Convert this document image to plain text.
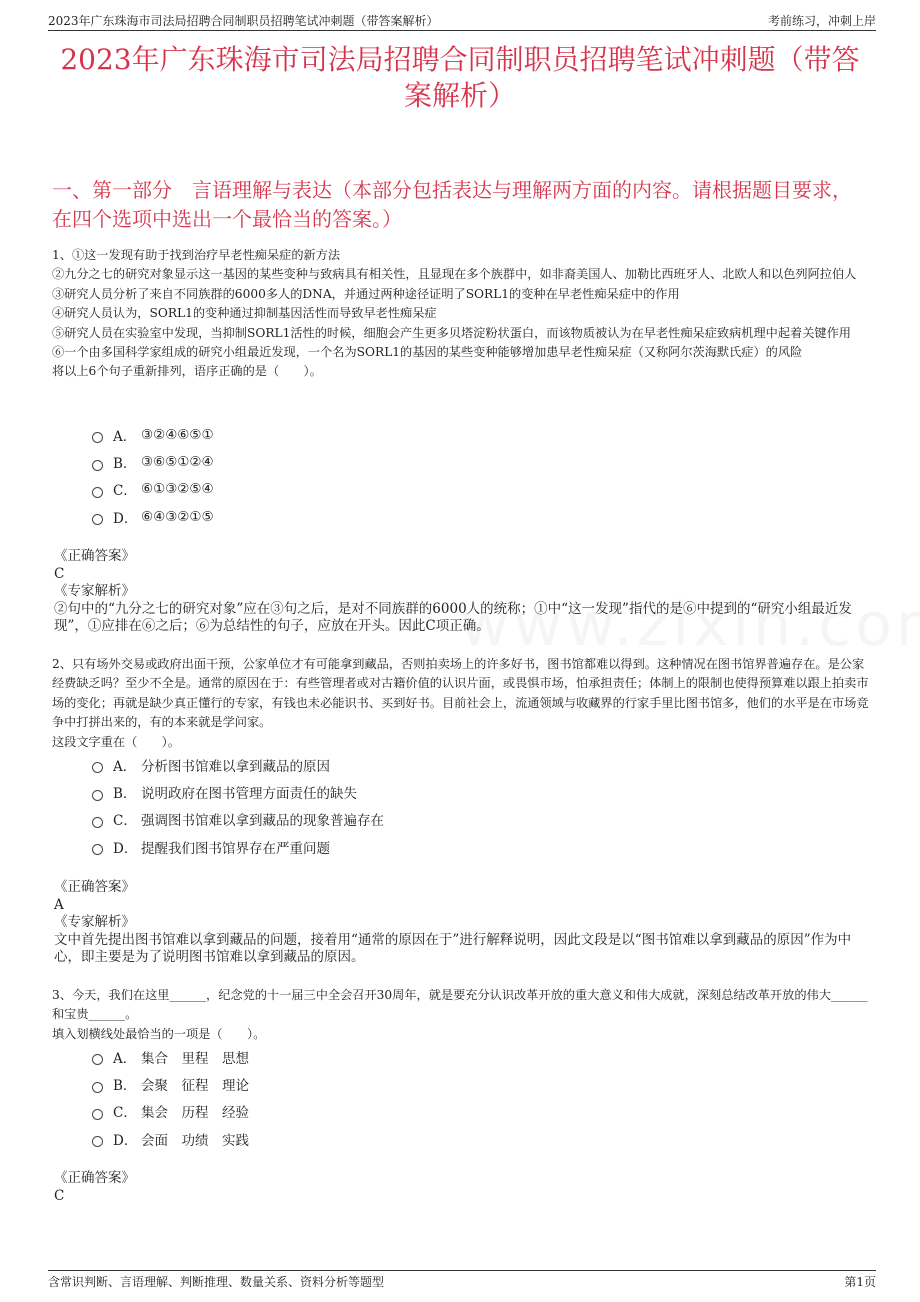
2023年广东珠海市司法局招聘合同制职员招聘笔试冲刺题（带答案解析）	考前练习，冲刺上岸
2023年广东珠海市司法局招聘合同制职员招聘笔试冲刺题（带答案解析）
一、第一部分　言语理解与表达（本部分包括表达与理解两方面的内容。请根据题目要求，在四个选项中选出一个最恰当的答案。）

1、①这一发现有助于找到治疗早老性痴呆症的新方法

②九分之七的研究对象显示这一基因的某些变种与致病具有相关性，且显现在多个族群中，如非裔美国人、加勒比西班牙人、北欧人和以色列阿拉伯人

③研究人员分析了来自不同族群的6000多人的DNA，并通过两种途径证明了SORL1的变种在早老性痴呆症中的作用

④研究人员认为，SORL1的变种通过抑制基因活性而导致早老性痴呆症

⑤研究人员在实验室中发现，当抑制SORL1活性的时候，细胞会产生更多贝塔淀粉状蛋白，而该物质被认为在早老性痴呆症致病机理中起着关键作用

⑥一个由多国科学家组成的研究小组最近发现，一个名为SORL1的基因的某些变种能够增加患早老性痴呆症（又称阿尔茨海默氏症）的风险

将以上6个句子重新排列，语序正确的是（　　）。

A． ③②④⑥⑤①
B． ③⑥⑤①②④
C． ⑥①③②⑤④
D． ⑥④③②①⑤

《正确答案》

C

《专家解析》

②句中的“九分之七的研究对象”应在③句之后，是对不同族群的6000人的统称；①中“这一发现”指代的是⑥中提到的“研究小组最近发现”，①应排在⑥之后；⑥为总结性的句子，应放在开头。因此C项正确。

2、只有场外交易或政府出面干预，公家单位才有可能拿到藏品，否则拍卖场上的许多好书，图书馆都难以得到。这种情况在图书馆界普遍存在。是公家经费缺乏吗？至少不全是。通常的原因在于：有些管理者或对古籍价值的认识片面，或畏惧市场，怕承担责任；体制上的限制也使得预算难以跟上拍卖市场的变化；再就是缺少真正懂行的专家，有钱也未必能识书、买到好书。目前社会上，流通领域与收藏界的行家手里比图书馆多，他们的水平是在市场竞争中打拼出来的，有的本来就是学问家。

这段文字重在（　　）。

A． 分析图书馆难以拿到藏品的原因
B． 说明政府在图书管理方面责任的缺失
C． 强调图书馆难以拿到藏品的现象普遍存在
D． 提醒我们图书馆界存在严重问题

《正确答案》

A

《专家解析》

文中首先提出图书馆难以拿到藏品的问题，接着用“通常的原因在于”进行解释说明，因此文段是以“图书馆难以拿到藏品的原因”作为中心，即主要是为了说明图书馆难以拿到藏品的原因。

3、今天，我们在这里______，纪念党的十一届三中全会召开30周年，就是要充分认识改革开放的重大意义和伟大成就，深刻总结改革开放的伟大______和宝贵______。

填入划横线处最恰当的一项是（　　）。

A． 集合　里程　思想
B． 会聚　征程　理论
C． 集会　历程　经验
D． 会面　功绩　实践

《正确答案》

C

含常识判断、言语理解、判断推理、数量关系、资料分析等题型	第1页
